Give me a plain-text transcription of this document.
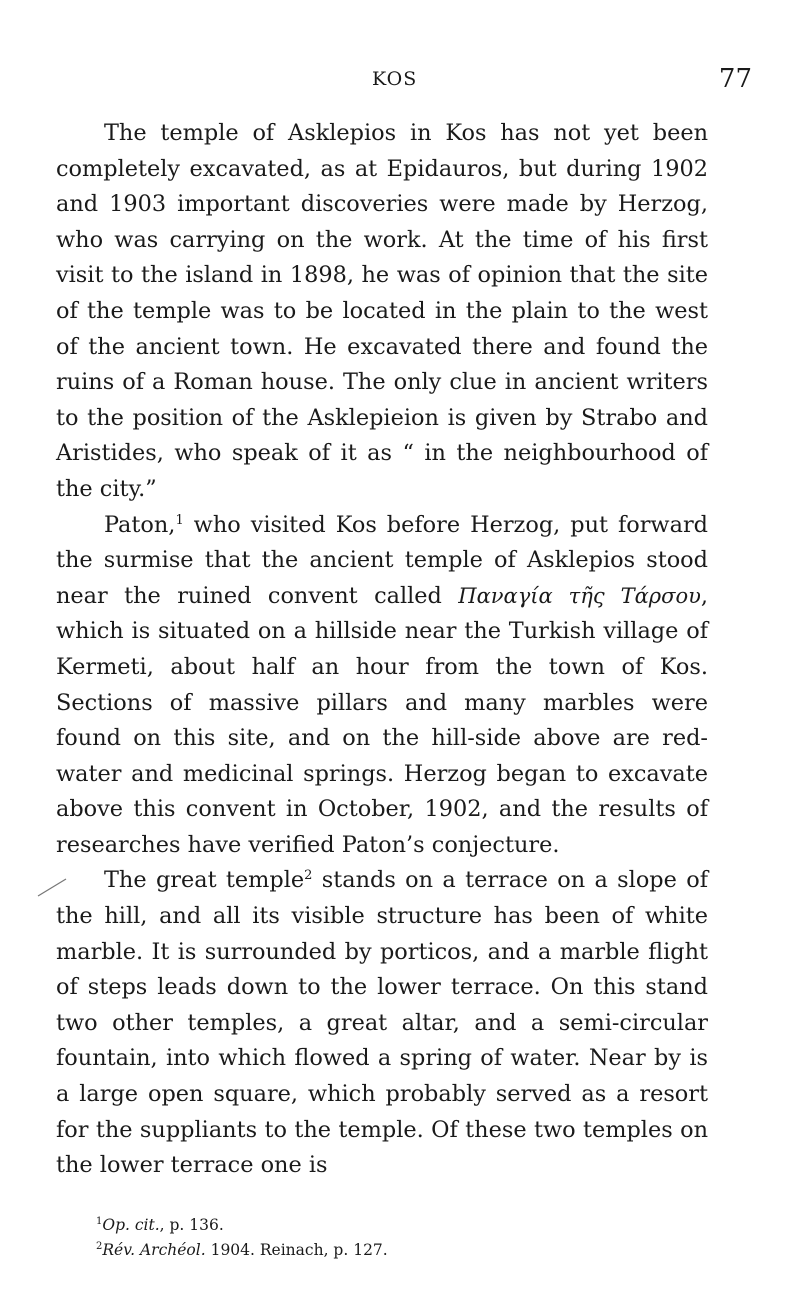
KOS	77

The temple of Asklepios in Kos has not yet been completely excavated, as at Epidauros, but during 1902 and 1903 important discoveries were made by Herzog, who was carrying on the work. At the time of his first visit to the island in 1898, he was of opinion that the site of the temple was to be located in the plain to the west of the ancient town. He excavated there and found the ruins of a Roman house. The only clue in ancient writers to the position of the Asklepieion is given by Strabo and Aristides, who speak of it as “ in the neighbourhood of the city.”

Paton,$^1$ who visited Kos before Herzog, put forward the surmise that the ancient temple of Asklepios stood near the ruined convent called Παναγία τῆς Τάρσου, which is situated on a hillside near the Turkish village of Kermeti, about half an hour from the town of Kos. Sections of massive pillars and many marbles were found on this site, and on the hill-side above are red-water and medicinal springs. Herzog began to excavate above this convent in October, 1902, and the results of researches have verified Paton’s conjecture.

The great temple$^2$ stands on a terrace on a slope of the hill, and all its visible structure has been of white marble. It is surrounded by porticos, and a marble flight of steps leads down to the lower terrace. On this stand two other temples, a great altar, and a semi-circular fountain, into which flowed a spring of water. Near by is a large open square, which probably served as a resort for the suppliants to the temple. Of these two temples on the lower terrace one is

$^1$Op. cit., p. 136.
$^2$Rév. Archéol. 1904. Reinach, p. 127.
